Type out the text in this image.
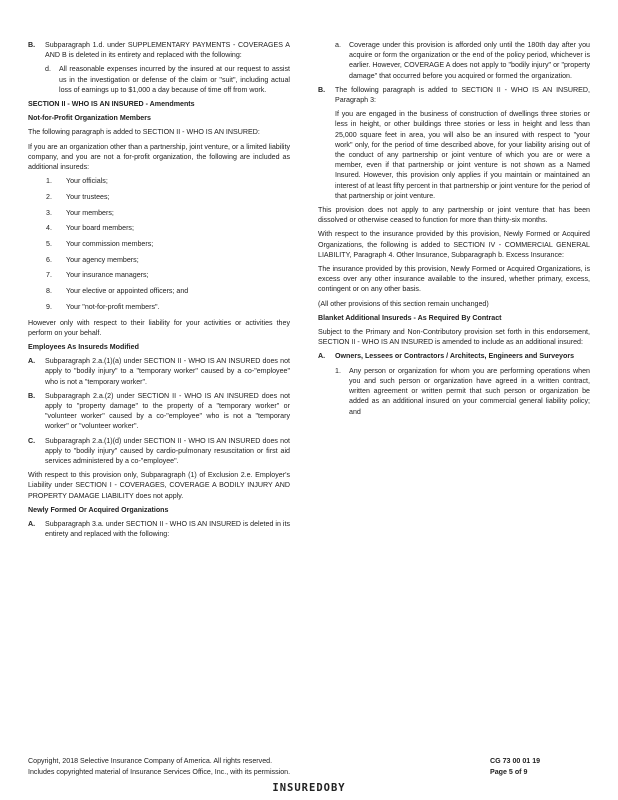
B.	Subparagraph 1.d. under SUPPLEMENTARY PAYMENTS - COVERAGES A AND B is deleted in its entirety and replaced with the following:
d.	All reasonable expenses incurred by the insured at our request to assist us in the investigation or defense of the claim or "suit", including actual loss of earnings up to $1,000 a day because of time off from work.

SECTION II - WHO IS AN INSURED - Amendments

Not-for-Profit Organization Members

The following paragraph is added to SECTION II - WHO IS AN INSURED:

If you are an organization other than a partnership, joint venture, or a limited liability company, and you are not a for-profit organization, the following are included as additional insureds:

1.	Your officials;
2.	Your trustees;
3.	Your members;
4.	Your board members;
5.	Your commission members;
6.	Your agency members;
7.	Your insurance managers;
8.	Your elective or appointed officers; and
9.	Your "not-for-profit members".

However only with respect to their liability for your activities or activities they perform on your behalf.

Employees As Insureds Modified

A.	Subparagraph 2.a.(1)(a) under SECTION II - WHO IS AN INSURED does not apply to "bodily injury" to a "temporary worker" caused by a co-"employee" who is not a "temporary worker".
B.	Subparagraph 2.a.(2) under SECTION II - WHO IS AN INSURED does not apply to "property damage" to the property of a "temporary worker" or "volunteer worker" caused by a co-"employee" who is not a "temporary worker" or "volunteer worker".
C.	Subparagraph 2.a.(1)(d) under SECTION II - WHO IS AN INSURED does not apply to "bodily injury" caused by cardio-pulmonary resuscitation or first aid services administered by a co-"employee".

With respect to this provision only, Subparagraph (1) of Exclusion 2.e. Employer's Liability under SECTION I - COVERAGES, COVERAGE A BODILY INJURY AND PROPERTY DAMAGE LIABILITY does not apply.

Newly Formed Or Acquired Organizations

A.	Subparagraph 3.a. under SECTION II - WHO IS AN INSURED is deleted in its entirety and replaced with the following:
a.	Coverage under this provision is afforded only until the 180th day after you acquire or form the organization or the end of the policy period, whichever is earlier. However, COVERAGE A does not apply to "bodily injury" or "property damage" that occurred before you acquired or formed the organization.
B.	The following paragraph is added to SECTION II - WHO IS AN INSURED, Paragraph 3:

If you are engaged in the business of construction of dwellings three stories or less in height, or other buildings three stories or less in height and less than 25,000 square feet in area, you will also be an insured with respect to "your work" only, for the period of time described above, for your liability arising out of the conduct of any partnership or joint venture of which you are or were a member, even if that partnership or joint venture is not shown as a Named Insured. However, this provision only applies if you maintain or maintained an interest of at least fifty percent in that partnership or joint venture for the period of that partnership or joint venture.

This provision does not apply to any partnership or joint venture that has been dissolved or otherwise ceased to function for more than thirty-six months.

With respect to the insurance provided by this provision, Newly Formed or Acquired Organizations, the following is added to SECTION IV - COMMERCIAL GENERAL LIABILITY, Paragraph 4. Other Insurance, Subparagraph b. Excess Insurance:

The insurance provided by this provision, Newly Formed or Acquired Organizations, is excess over any other insurance available to the insured, whether primary, excess, contingent or on any other basis.

(All other provisions of this section remain unchanged)

Blanket Additional Insureds - As Required By Contract

Subject to the Primary and Non-Contributory provision set forth in this endorsement, SECTION II - WHO IS AN INSURED is amended to include as an additional insured:

A.	Owners, Lessees or Contractors / Architects, Engineers and Surveyors
1.	Any person or organization for whom you are performing operations when you and such person or organization have agreed in a written contract, written agreement or written permit that such person or organization be added as an additional insured on your commercial general liability policy; and
Copyright, 2018 Selective Insurance Company of America. All rights reserved.
Includes copyrighted material of Insurance Services Office, Inc., with its permission.
CG 73 00 01 19
Page 5 of 9
INSUREDOBY
